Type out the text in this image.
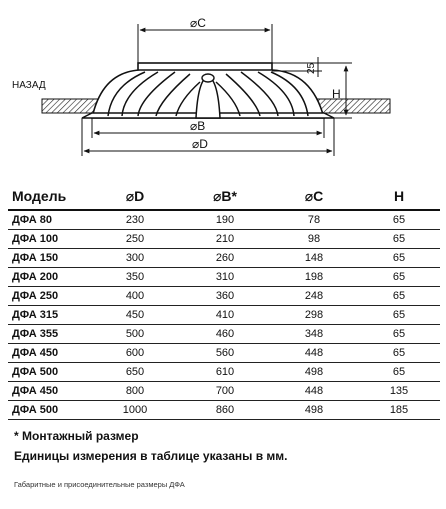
НАЗАД
⌀C
25
H
⌀B
⌀D
Модель	⌀D	⌀B*	⌀C	H
ДФА 80	230	190	78	65
ДФА 100	250	210	98	65
ДФА 150	300	260	148	65
ДФА 200	350	310	198	65
ДФА 250	400	360	248	65
ДФА 315	450	410	298	65
ДФА 355	500	460	348	65
ДФА 450	600	560	448	65
ДФА 500	650	610	498	65
ДФА 450	800	700	448	135
ДФА 500	1000	860	498	185
* Монтажный размер
Единицы измерения в таблице указаны в мм.
Габаритные и присоединительные размеры ДФА
